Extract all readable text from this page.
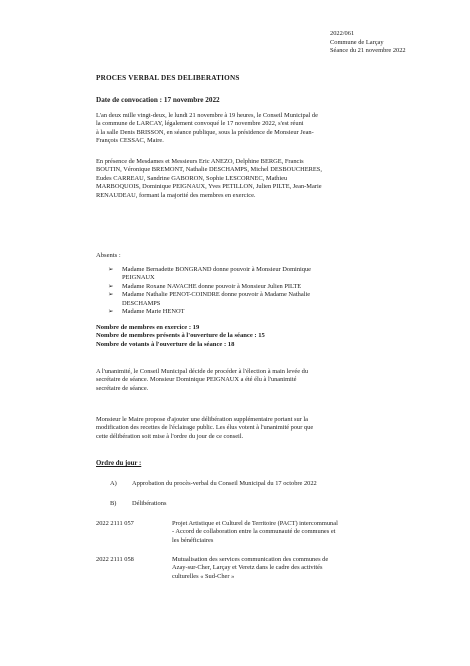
2022/061
Commune de Larçay
Séance du 21 novembre 2022
PROCES VERBAL DES DELIBERATIONS
Date de convocation : 17 novembre 2022
L'an deux mille vingt-deux, le lundi 21 novembre à 19 heures, le Conseil Municipal de
la commune de LARCAY, légalement convoqué le 17 novembre 2022, s'est réuni
à la salle Denis BRISSON, en séance publique, sous la présidence de Monsieur Jean-
François CESSAC, Maire.
En présence de Mesdames et Messieurs Eric ANEZO, Delphine BERGE, Francis
BOUTIN, Véronique BREMONT, Nathalie DESCHAMPS, Michel DESBOUCHERES,
Eudes CARREAU, Sandrine GABORON, Sophie LESCORNEC, Mathieu
MARBOQUOIS, Dominique PEIGNAUX, Yves PETILLON, Julien PILTE, Jean-Marie
RENAUDEAU, formant la majorité des membres en exercice.
Absents :
➢ Madame Bernadette BONGRAND donne pouvoir à Monsieur Dominique
PEIGNAUX
➢ Madame Roxane NAVACHE donne pouvoir à Monsieur Julien PILTE
➢ Madame Nathalie PENOT-COINDRE donne pouvoir à Madame Nathalie
DESCHAMPS
➢ Madame Marie HENOT
Nombre de membres en exercice : 19
Nombre de membres présents à l'ouverture de la séance : 15
Nombre de votants à l'ouverture de la séance : 18
A l'unanimité, le Conseil Municipal décide de procéder à l'élection à main levée du
secrétaire de séance. Monsieur Dominique PEIGNAUX a été élu à l'unanimité
secrétaire de séance.
Monsieur le Maire propose d'ajouter une délibération supplémentaire portant sur la
modification des recettes de l'éclairage public. Les élus votent à l'unanimité pour que
cette délibération soit mise à l'ordre du jour de ce conseil.
Ordre du jour :
A) Approbation du procès-verbal du Conseil Municipal du 17 octobre 2022
B) Délibérations
2022 2111 057	Projet Artistique et Culturel de Territoire (PACT) intercommunal
- Accord de collaboration entre la communauté de communes et
les bénéficiaires
2022 2111 058	Mutualisation des services communication des communes de
Azay-sur-Cher, Larçay et Veretz dans le cadre des activités
culturelles « Sud-Cher »
